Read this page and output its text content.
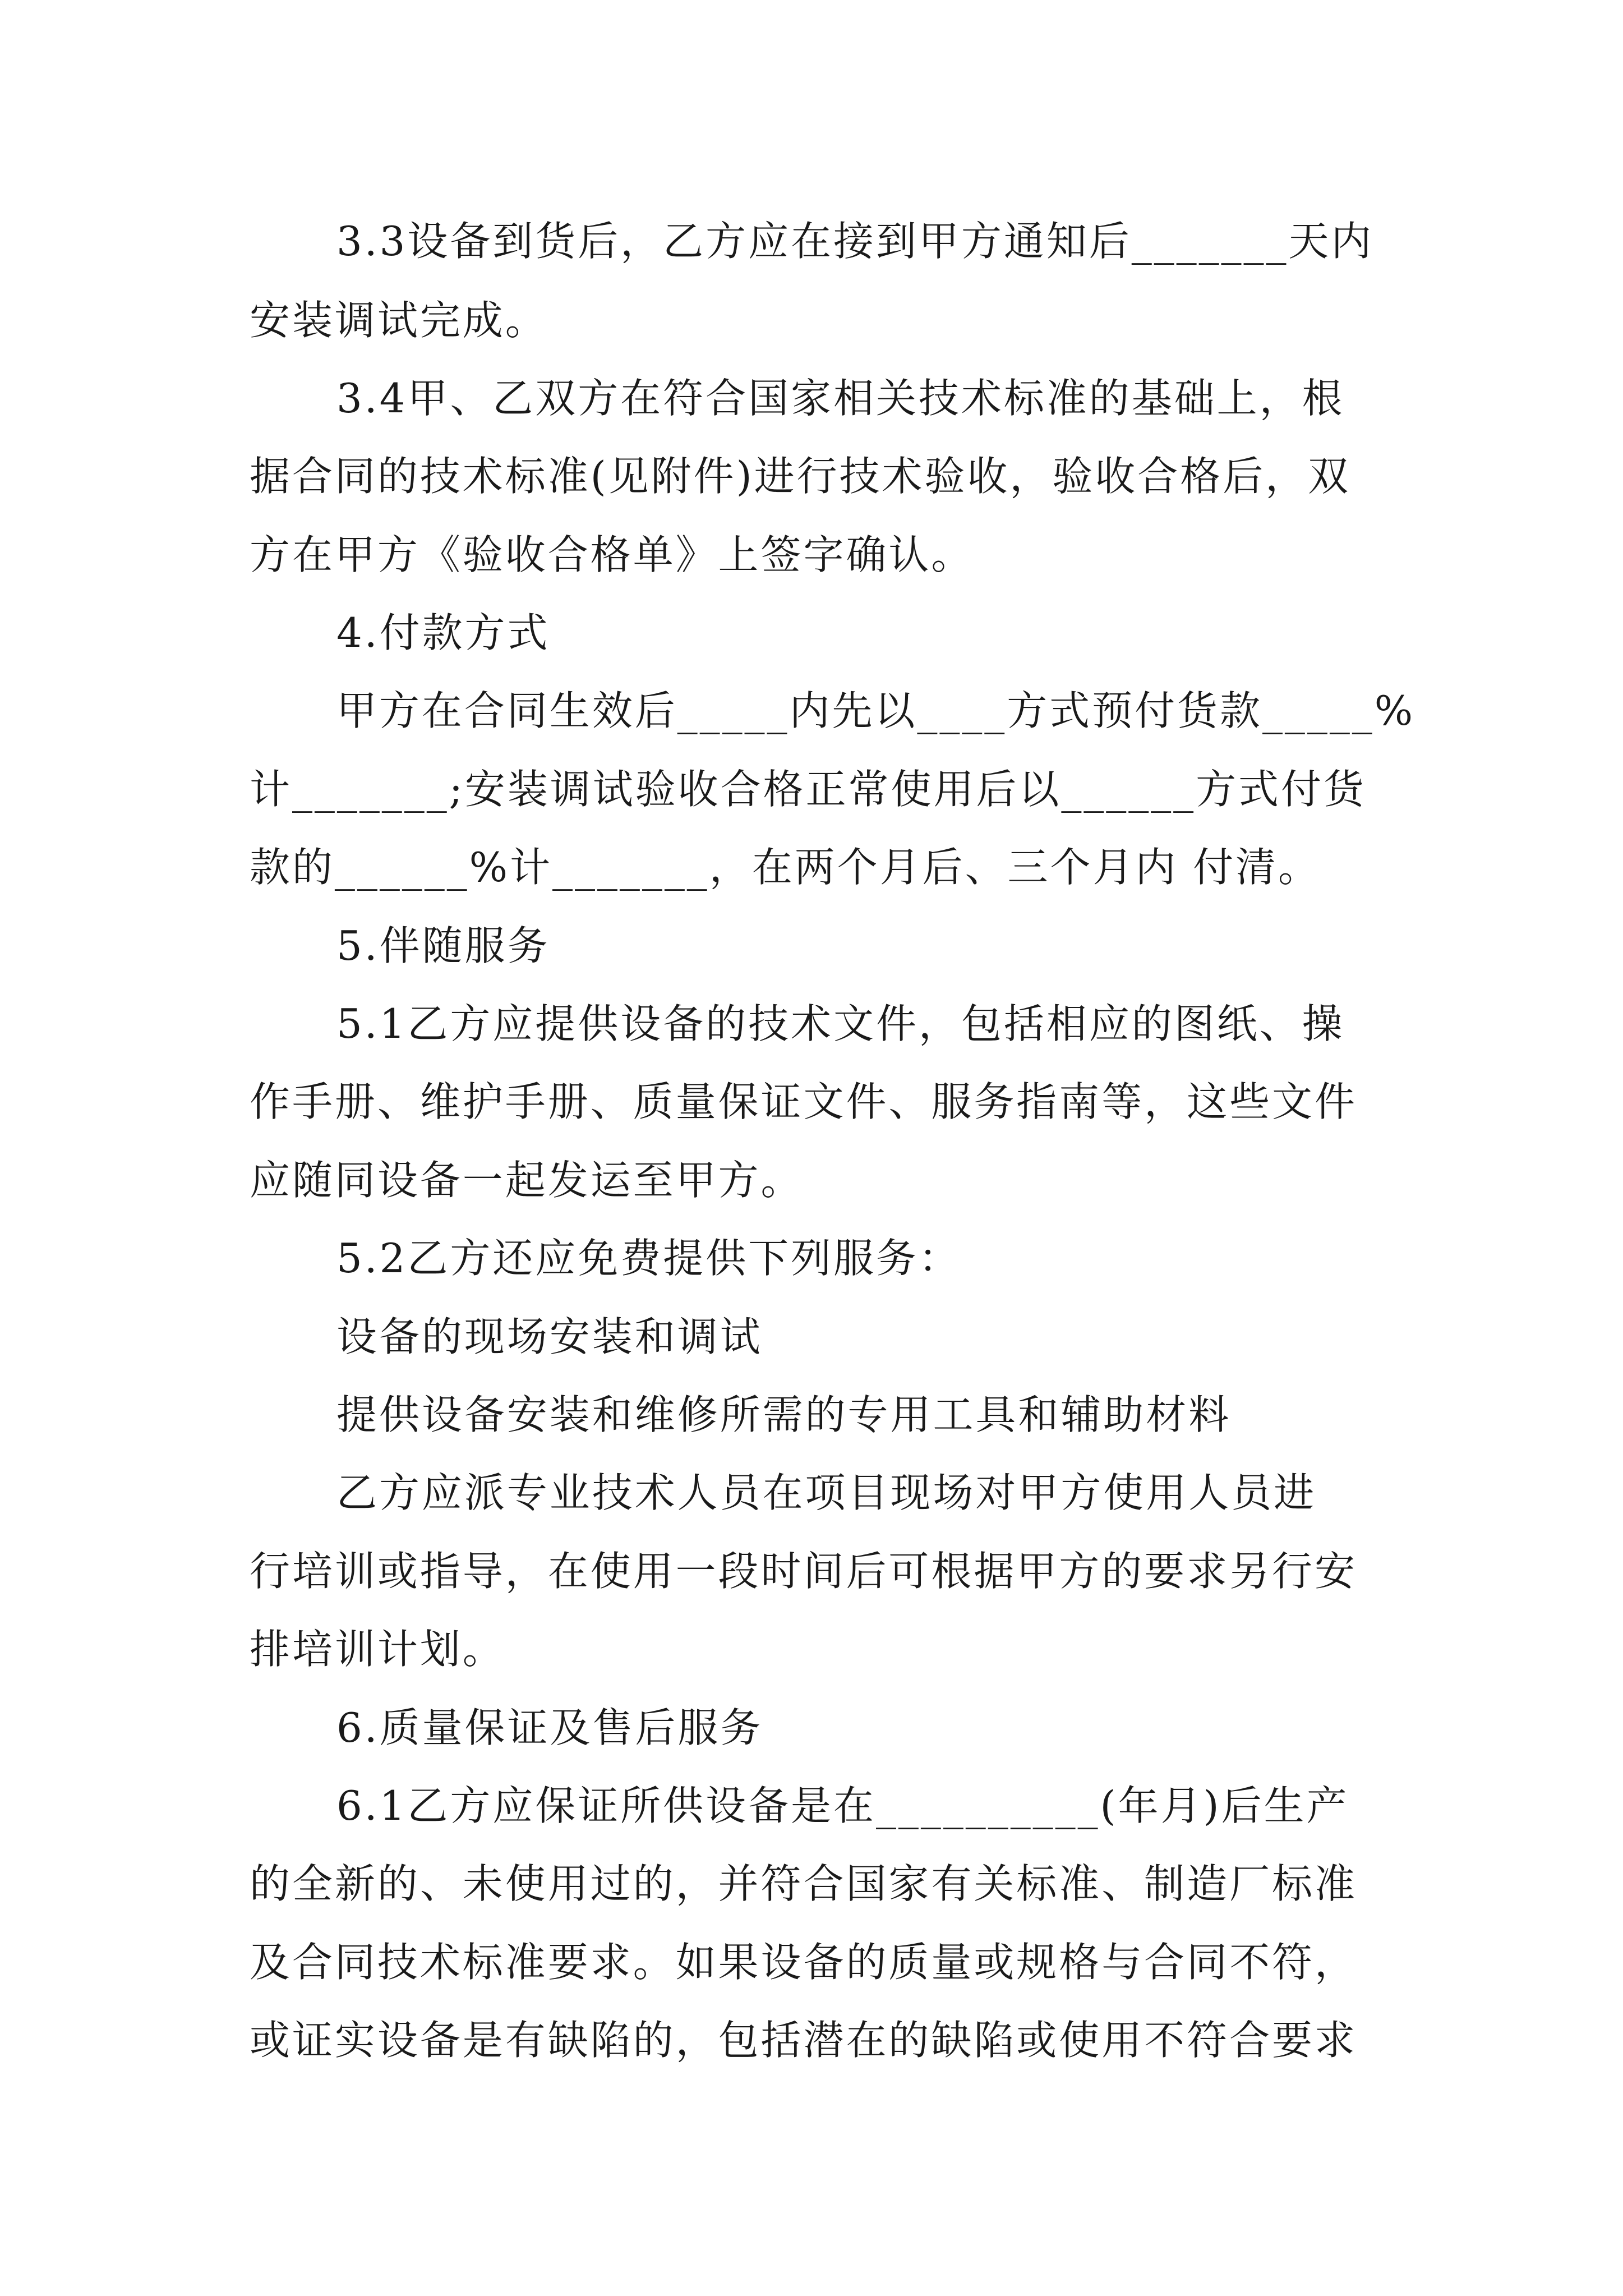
3.3设备到货后，乙方应在接到甲方通知后_______天内
安装调试完成。
3.4甲、乙双方在符合国家相关技术标准的基础上，根
据合同的技术标准(见附件)进行技术验收，验收合格后，双
方在甲方《验收合格单》上签字确认。
4.付款方式
甲方在合同生效后_____内先以____方式预付货款_____%
计_______;安装调试验收合格正常使用后以______方式付货
款的______%计_______，在两个月后、三个月内 付清。
5.伴随服务
5.1乙方应提供设备的技术文件，包括相应的图纸、操
作手册、维护手册、质量保证文件、服务指南等，这些文件
应随同设备一起发运至甲方。
5.2乙方还应免费提供下列服务：
设备的现场安装和调试
提供设备安装和维修所需的专用工具和辅助材料
乙方应派专业技术人员在项目现场对甲方使用人员进
行培训或指导，在使用一段时间后可根据甲方的要求另行安
排培训计划。
6.质量保证及售后服务
6.1乙方应保证所供设备是在__________(年月)后生产
的全新的、未使用过的，并符合国家有关标准、制造厂标准
及合同技术标准要求。如果设备的质量或规格与合同不符，
或证实设备是有缺陷的，包括潜在的缺陷或使用不符合要求
